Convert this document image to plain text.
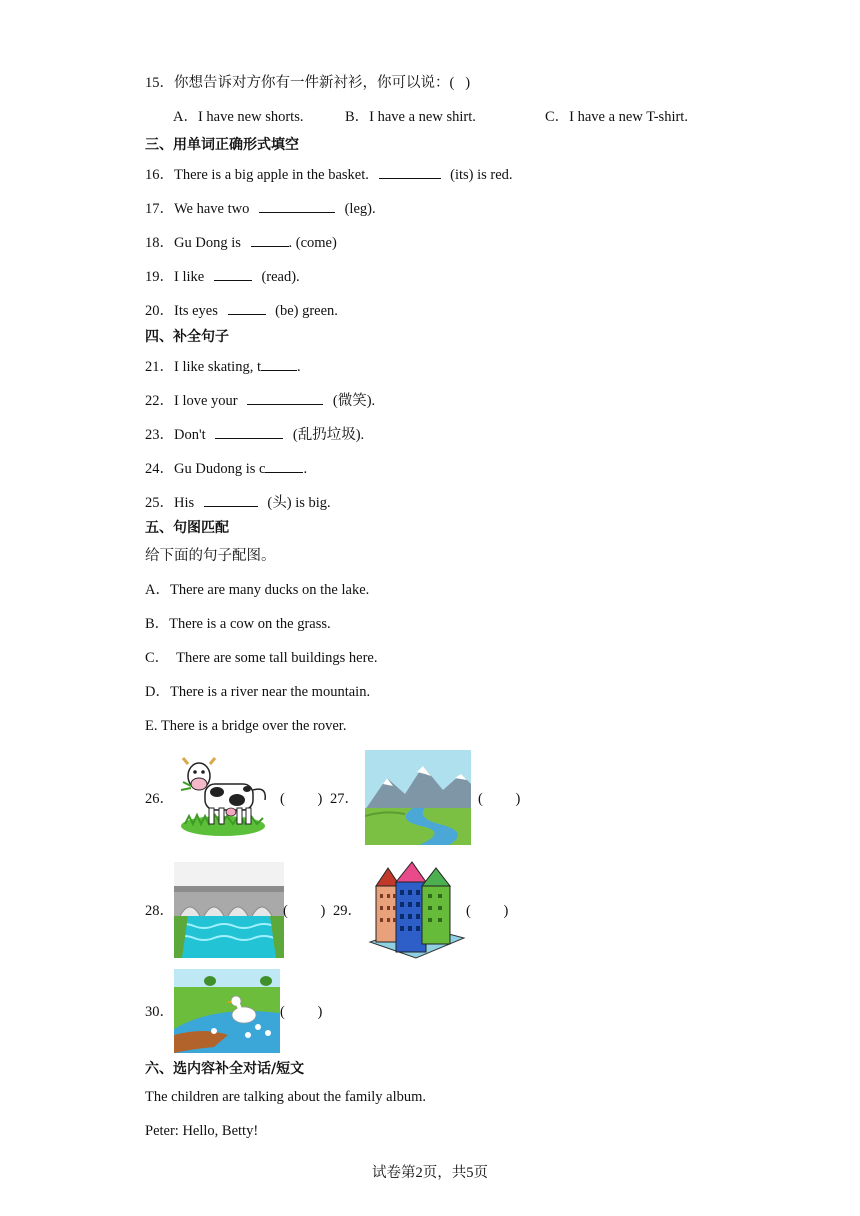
15．你想告诉对方你有一件新衬衫，你可以说：(   )
A．I have new shorts.	B．I have a new shirt.	C．I have a new T-shirt.
三、用单词正确形式填空
16．There is a big apple in the basket.	(its) is red.
17．We have two	(leg).
18．Gu Dong is	. (come)
19．I like	(read).
20．Its eyes	(be) green.
四、补全句子
21．I like skating, t .
22．I love your	(微笑).
23．Don't	(乱扔垃圾).
24．Gu Dudong is c	.
25．His	(头) is big.
五、句图匹配
给下面的句子配图。
A．There are many ducks on the lake.
B．There is a cow on the grass.
C．  There are some tall buildings here.
D．There is a river near the mountain.
E. There is a bridge over the rover.
26．	(         ) 27．	(         )
28．	(         ) 29．	(         )
30．	(         )
六、选内容补全对话/短文
The children are talking about the family album.
Peter: Hello, Betty!
试卷第2页，共5页
